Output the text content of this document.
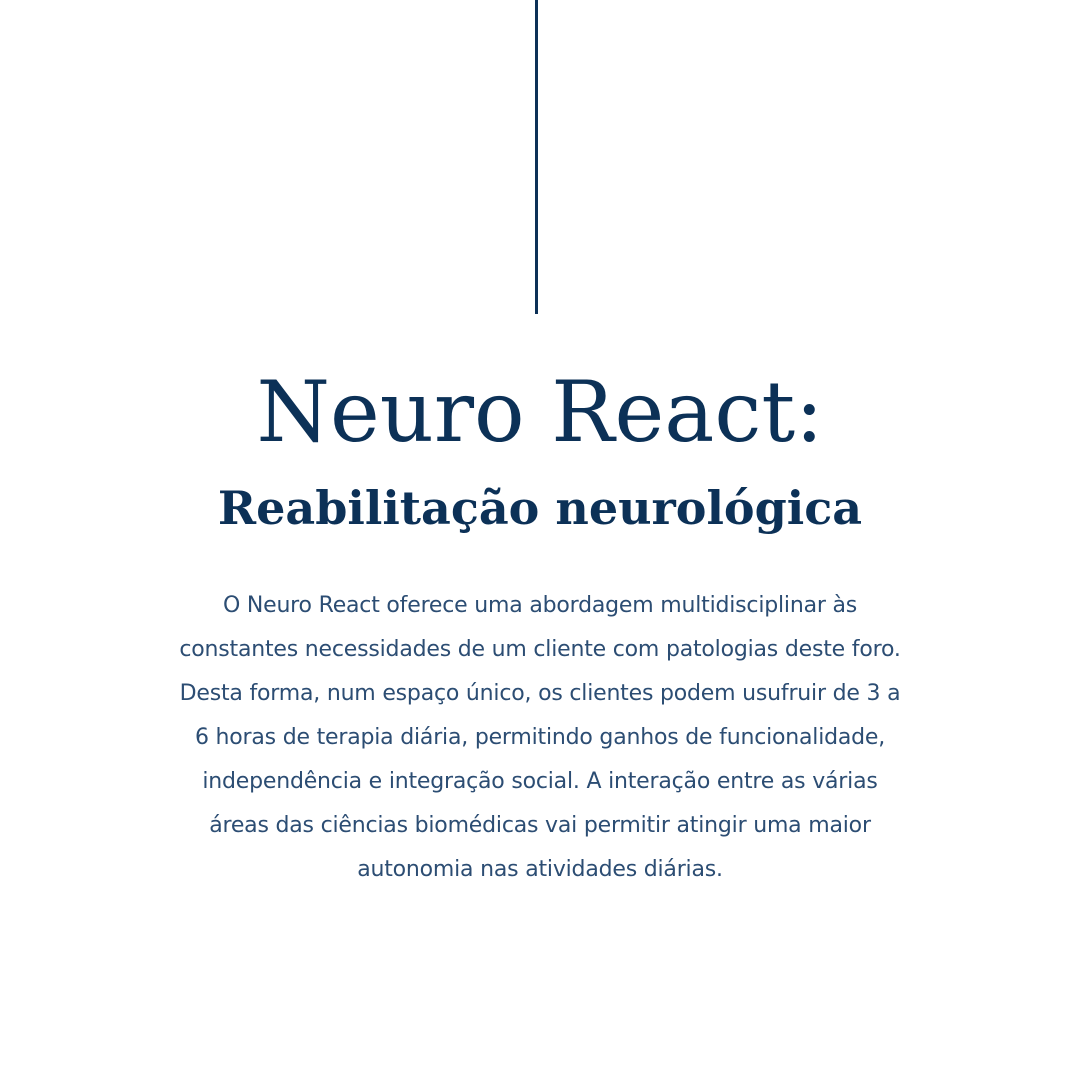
Neuro React:
Reabilitação neurológica

O Neuro React oferece uma abordagem multidisciplinar às constantes necessidades de um cliente com patologias deste foro. Desta forma, num espaço único, os clientes podem usufruir de 3 a 6 horas de terapia diária, permitindo ganhos de funcionalidade, independência e integração social. A interação entre as várias áreas das ciências biomédicas vai permitir atingir uma maior autonomia nas atividades diárias.
